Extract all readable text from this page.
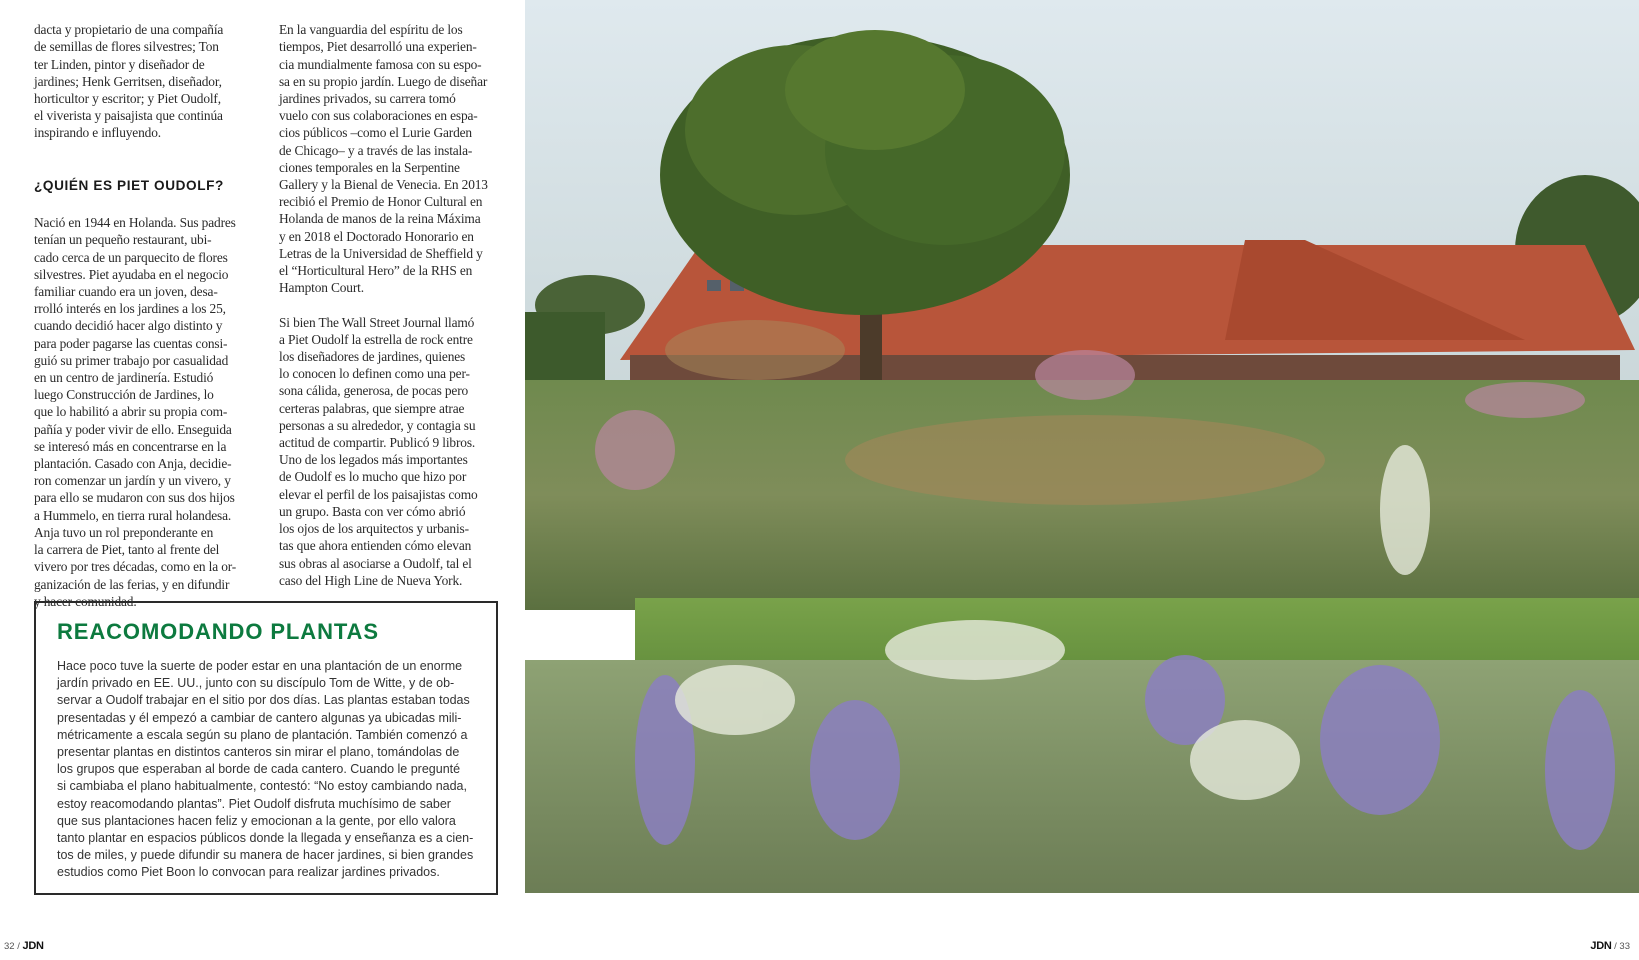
dacta y propietario de una compañía
de semillas de flores silvestres; Ton
ter Linden, pintor y diseñador de
jardines; Henk Gerritsen, diseñador,
horticultor y escritor; y Piet Oudolf,
el viverista y paisajista que continúa
inspirando e influyendo.

¿QUIÉN ES PIET OUDOLF?

Nació en 1944 en Holanda. Sus padres
tenían un pequeño restaurant, ubi-
cado cerca de un parquecito de flores
silvestres. Piet ayudaba en el negocio
familiar cuando era un joven, desa-
rrolló interés en los jardines a los 25,
cuando decidió hacer algo distinto y
para poder pagarse las cuentas consi-
guió su primer trabajo por casualidad
en un centro de jardinería. Estudió
luego Construcción de Jardines, lo
que lo habilitó a abrir su propia com-
pañía y poder vivir de ello. Enseguida
se interesó más en concentrarse en la
plantación. Casado con Anja, decidie-
ron comenzar un jardín y un vivero, y
para ello se mudaron con sus dos hijos
a Hummelo, en tierra rural holandesa.
Anja tuvo un rol preponderante en
la carrera de Piet, tanto al frente del
vivero por tres décadas, como en la or-
ganización de las ferias, y en difundir
y hacer comunidad.

En la vanguardia del espíritu de los
tiempos, Piet desarrolló una experien-
cia mundialmente famosa con su espo-
sa en su propio jardín. Luego de diseñar
jardines privados, su carrera tomó
vuelo con sus colaboraciones en espa-
cios públicos –como el Lurie Garden
de Chicago– y a través de las instala-
ciones temporales en la Serpentine
Gallery y la Bienal de Venecia. En 2013
recibió el Premio de Honor Cultural en
Holanda de manos de la reina Máxima
y en 2018 el Doctorado Honorario en
Letras de la Universidad de Sheffield y
el “Horticultural Hero” de la RHS en
Hampton Court.

Si bien The Wall Street Journal llamó
a Piet Oudolf la estrella de rock entre
los diseñadores de jardines, quienes
lo conocen lo definen como una per-
sona cálida, generosa, de pocas pero
certeras palabras, que siempre atrae
personas a su alrededor, y contagia su
actitud de compartir. Publicó 9 libros.
Uno de los legados más importantes
de Oudolf es lo mucho que hizo por
elevar el perfil de los paisajistas como
un grupo. Basta con ver cómo abrió
los ojos de los arquitectos y urbanis-
tas que ahora entienden cómo elevan
sus obras al asociarse a Oudolf, tal el
caso del High Line de Nueva York.

REACOMODANDO PLANTAS

Hace poco tuve la suerte de poder estar en una plantación de un enorme
jardín privado en EE. UU., junto con su discípulo Tom de Witte, y de ob-
servar a Oudolf trabajar en el sitio por dos días. Las plantas estaban todas
presentadas y él empezó a cambiar de cantero algunas ya ubicadas mili-
métricamente a escala según su plano de plantación. También comenzó a
presentar plantas en distintos canteros sin mirar el plano, tomándolas de
los grupos que esperaban al borde de cada cantero. Cuando le pregunté
si cambiaba el plano habitualmente, contestó: “No estoy cambiando nada,
estoy reacomodando plantas”. Piet Oudolf disfruta muchísimo de saber
que sus plantaciones hacen feliz y emocionan a la gente, por ello valora
tanto plantar en espacios públicos donde la llegada y enseñanza es a cien-
tos de miles, y puede difundir su manera de hacer jardines, si bien grandes
estudios como Piet Boon lo convocan para realizar jardines privados.

32 / JDN	JDN / 33
